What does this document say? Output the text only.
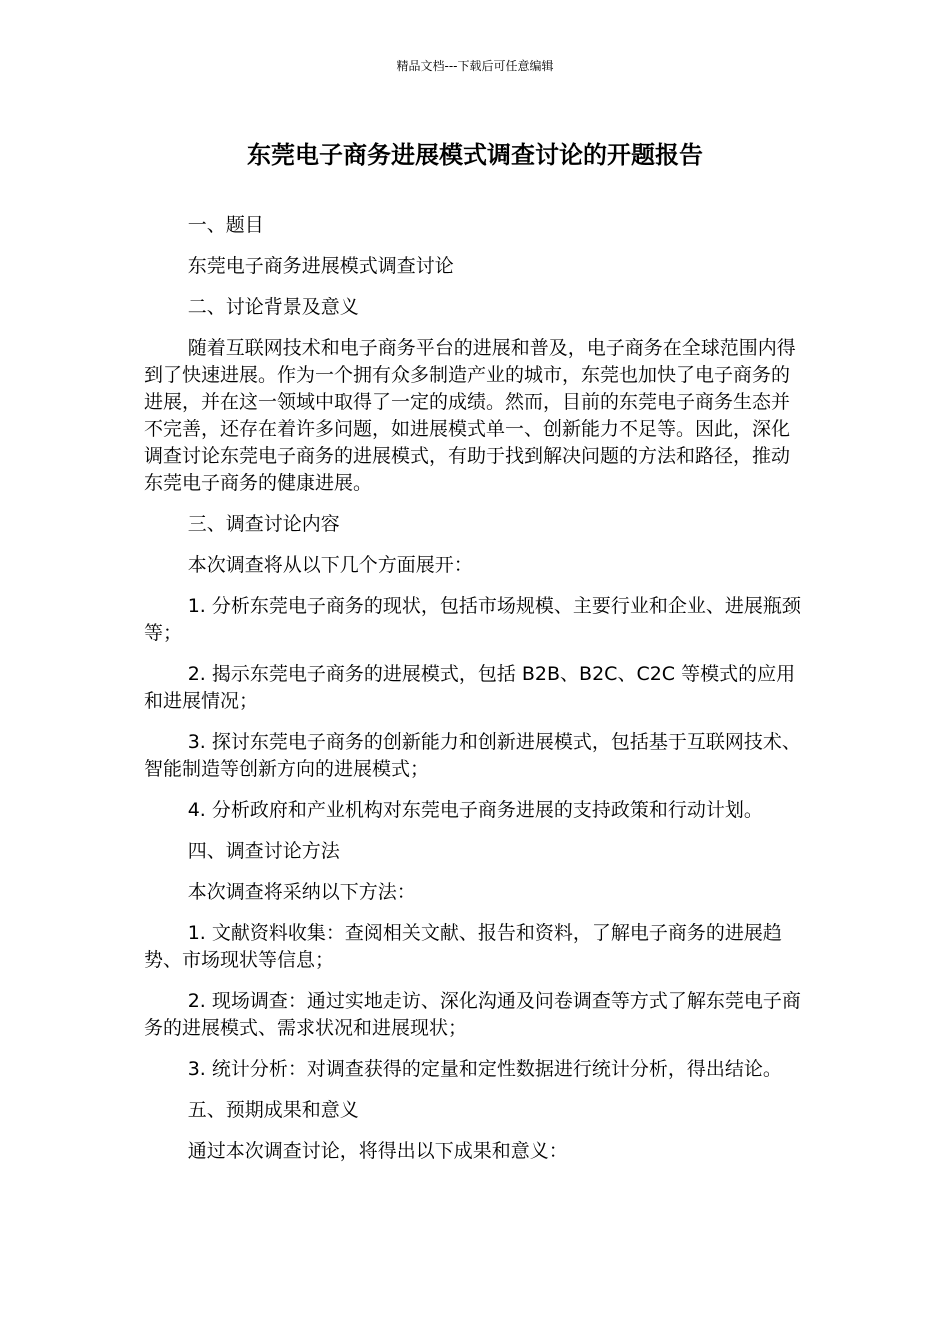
精品文档---下载后可任意编辑
东莞电子商务进展模式调查讨论的开题报告

一、题目

东莞电子商务进展模式调查讨论

二、讨论背景及意义

随着互联网技术和电子商务平台的进展和普及，电子商务在全球范围内得到了快速进展。作为一个拥有众多制造产业的城市，东莞也加快了电子商务的进展，并在这一领域中取得了一定的成绩。然而，目前的东莞电子商务生态并不完善，还存在着许多问题，如进展模式单一、创新能力不足等。因此，深化调查讨论东莞电子商务的进展模式，有助于找到解决问题的方法和路径，推动东莞电子商务的健康进展。

三、调查讨论内容

本次调查将从以下几个方面展开：

1. 分析东莞电子商务的现状，包括市场规模、主要行业和企业、进展瓶颈等；

2. 揭示东莞电子商务的进展模式，包括 B2B、B2C、C2C 等模式的应用和进展情况；

3. 探讨东莞电子商务的创新能力和创新进展模式，包括基于互联网技术、智能制造等创新方向的进展模式；

4. 分析政府和产业机构对东莞电子商务进展的支持政策和行动计划。

四、调查讨论方法

本次调查将采纳以下方法：

1. 文献资料收集：查阅相关文献、报告和资料，了解电子商务的进展趋势、市场现状等信息；

2. 现场调查：通过实地走访、深化沟通及问卷调查等方式了解东莞电子商务的进展模式、需求状况和进展现状；

3. 统计分析：对调查获得的定量和定性数据进行统计分析，得出结论。

五、预期成果和意义

通过本次调查讨论，将得出以下成果和意义：
